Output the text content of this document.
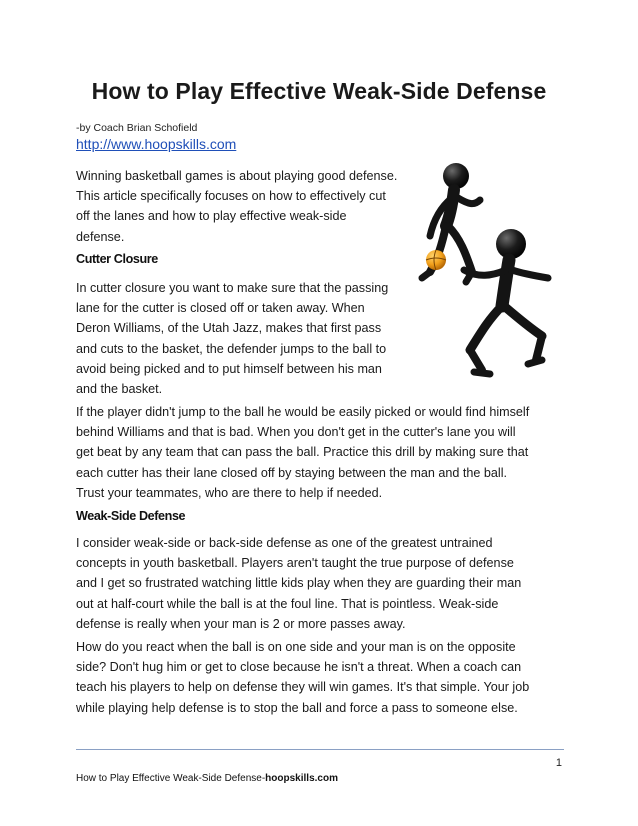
How to Play Effective Weak-Side Defense
-by Coach Brian Schofield
http://www.hoopskills.com
Winning basketball games is about playing good defense.
This article specifically focuses on how to effectively cut
off the lanes and how to play effective weak-side
defense.
Cutter Closure
In cutter closure you want to make sure that the passing
lane for the cutter is closed off or taken away. When
Deron Williams, of the Utah Jazz, makes that first pass
and cuts to the basket, the defender jumps to the ball to
avoid being picked and to put himself between his man
and the basket.
If the player didn't jump to the ball he would be easily picked or would find himself
behind Williams and that is bad. When you don't get in the cutter's lane you will
get beat by any team that can pass the ball. Practice this drill by making sure that
each cutter has their lane closed off by staying between the man and the ball.
Trust your teammates, who are there to help if needed.
Weak-Side Defense
I consider weak-side or back-side defense as one of the greatest untrained
concepts in youth basketball. Players aren't taught the true purpose of defense
and I get so frustrated watching little kids play when they are guarding their man
out at half-court while the ball is at the foul line. That is pointless. Weak-side
defense is really when your man is 2 or more passes away.
How do you react when the ball is on one side and your man is on the opposite
side? Don't hug him or get to close because he isn't a threat. When a coach can
teach his players to help on defense they will win games. It's that simple. Your job
while playing help defense is to stop the ball and force a pass to someone else.
1
How to Play Effective Weak-Side Defense-hoopskills.com
